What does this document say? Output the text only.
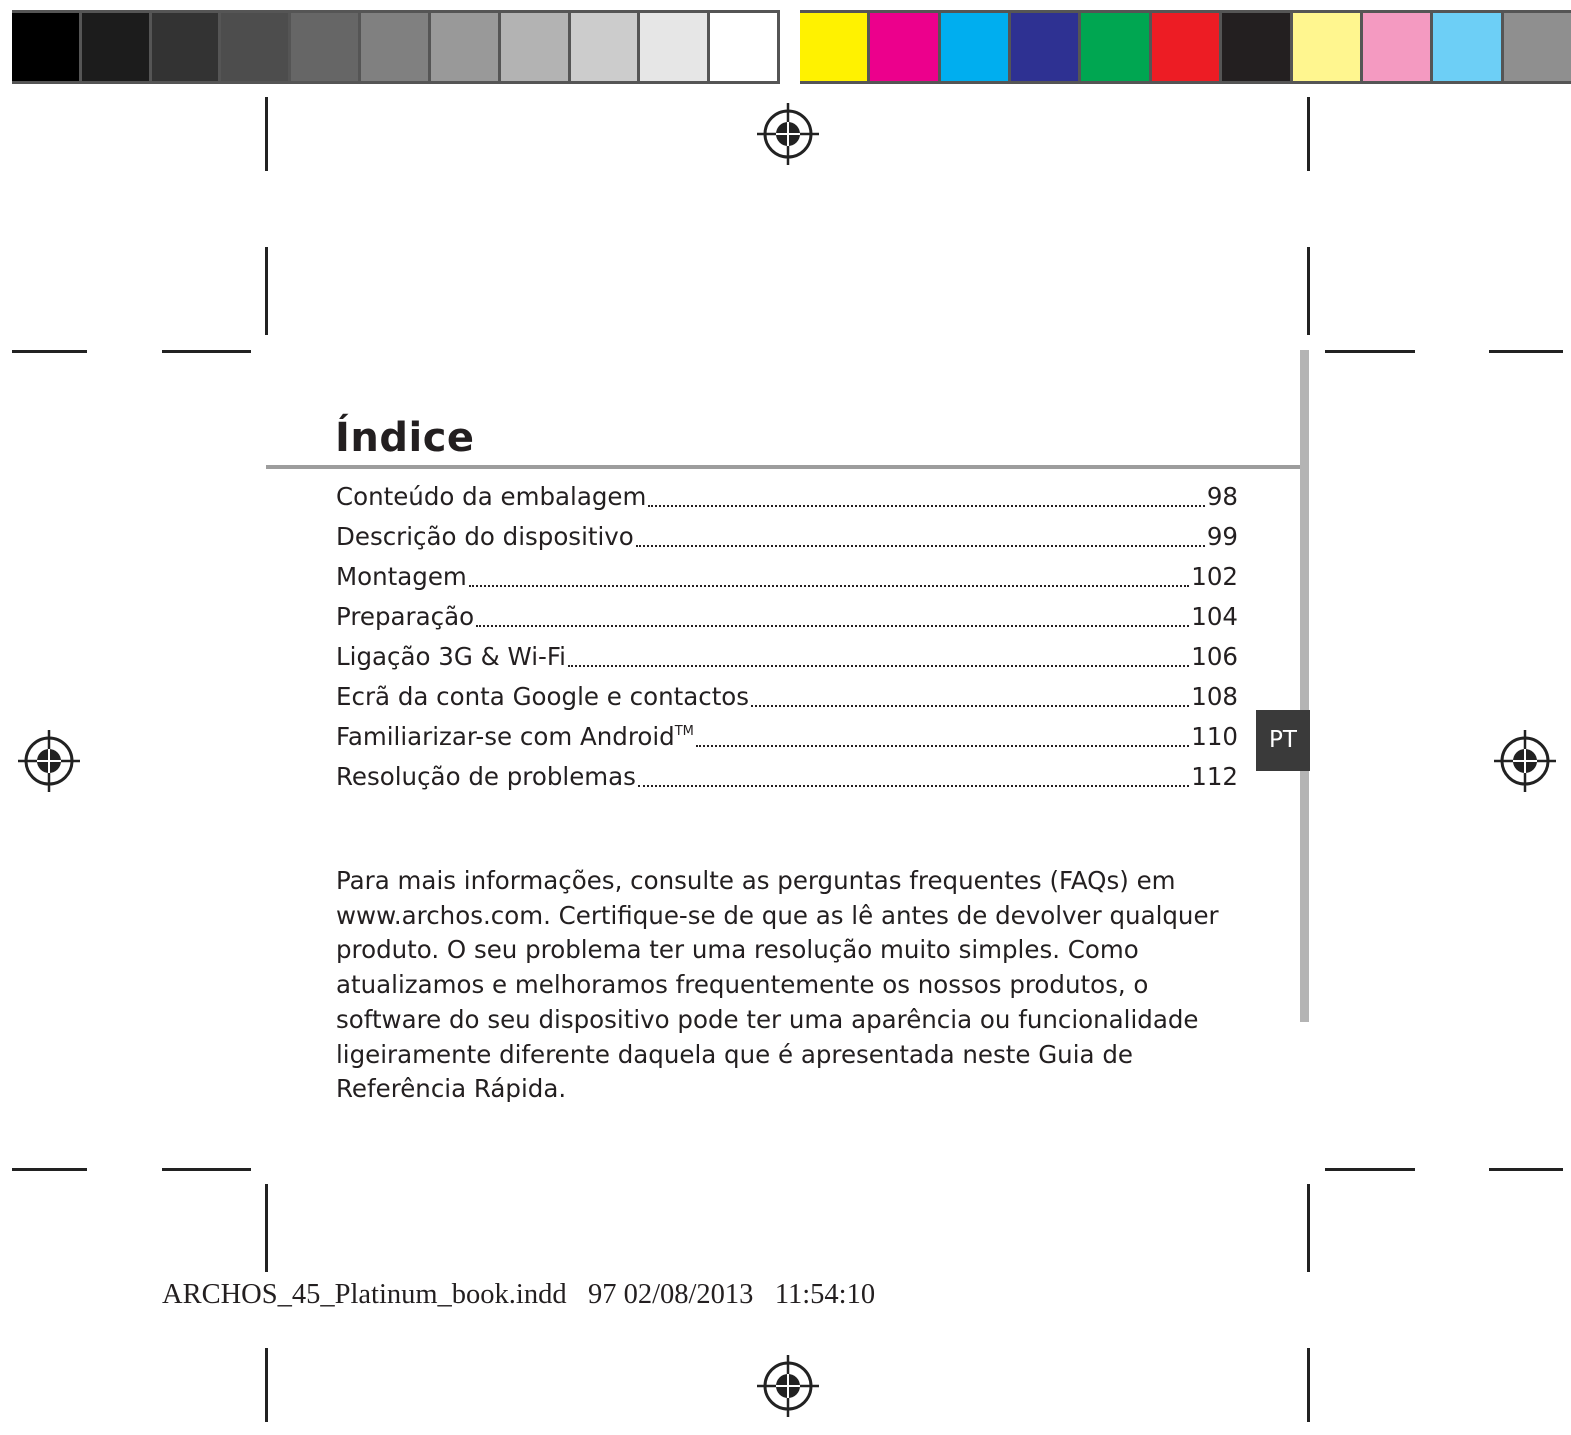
Índice
Conteúdo da embalagem	98
Descrição do dispositivo	99
Montagem	102
Preparação	104
Ligação 3G & Wi-Fi	106
Ecrã da conta Google e contactos	108
Familiarizar-se com Android™	110
Resolução de problemas	112
PT

Para mais informações, consulte as perguntas frequentes (FAQs) em www.archos.com. Certifique-se de que as lê antes de devolver qualquer produto. O seu problema ter uma resolução muito simples. Como atualizamos e melhoramos frequentemente os nossos produtos, o software do seu dispositivo pode ter uma aparência ou funcionalidade ligeiramente diferente daquela que é apresentada neste Guia de Referência Rápida.

ARCHOS_45_Platinum_book.indd 97 02/08/2013 11:54:10
